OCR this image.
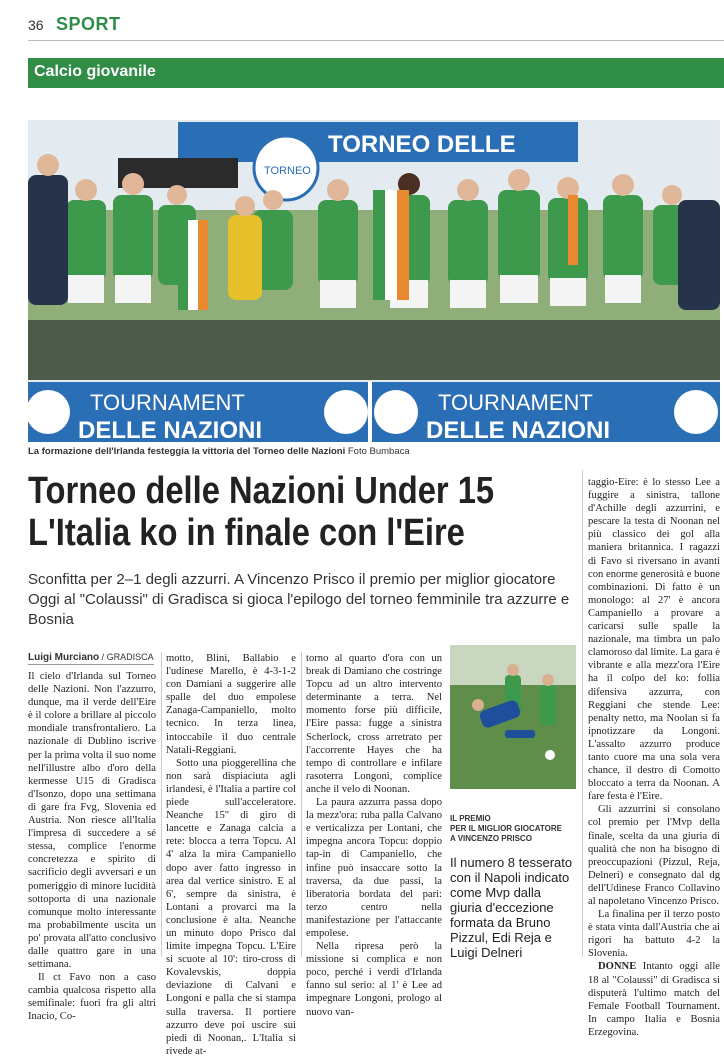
36 SPORT
Calcio giovanile
TORNEO DELLE
TORNEO
TOURNAMENT
DELLE NAZIONI
TOURNAMENT
DELLE NAZIONI
La formazione dell'Irlanda festeggia la vittoria del Torneo delle Nazioni Foto Bumbaca
Torneo delle Nazioni Under 15
L'Italia ko in finale con l'Eire
Sconfitta per 2–1 degli azzurri. A Vincenzo Prisco il premio per miglior giocatore
Oggi al "Colaussi" di Gradisca si gioca l'epilogo del torneo femminile tra azzurre e Bosnia
Luigi Murciano / GRADISCA

Il cielo d'Irlanda sul Torneo delle Nazioni. Non l'azzurro, dunque, ma il verde dell'Eire è il colore a brillare al piccolo mondiale transfrontaliero. La nazionale di Dublino iscrive per la prima volta il suo nome nell'illustre albo d'oro della kermesse U15 di Gradisca d'Isonzo, dopo una settimana di gare fra Fvg, Slovenia ed Austria. Non riesce all'Italia l'impresa di succedere a sé stessa, complice l'enorme concretezza e spirito di sacrificio degli avversari e un pomeriggio di minore lucidità sottoporta di una nazionale comunque molto interessante ma probabilmente uscita un po' provata all'atto conclusivo dalle quattro gare in una settimana.

Il ct Favo non a caso cambia qualcosa rispetto alla semifinale: fuori fra gli altri Inacio, Co-

motto, Blini, Ballabio e l'udinese Marello, è 4-3-1-2 con Damiani a suggerire alle spalle del duo empolese Zanaga-Campaniello, molto tecnico. In terza linea, intoccabile il duo centrale Natali-Reggiani.

Sotto una pioggerellina che non sarà dispiaciuta agli irlandesi, è l'Italia a partire col piede sull'acceleratore. Neanche 15" di giro di lancette e Zanaga calcia a rete: blocca a terra Topcu. Al 4' alza la mira Campaniello dopo aver fatto ingresso in area dal vertice sinistro. E al 6', sempre da sinistra, è Lontani a provarci ma la conclusione è alta. Neanche un minuto dopo Prisco dal limite impegna Topcu. L'Eire si scuote al 10': tiro-cross di Kovalevskis, doppia deviazione di Calvani e Longoni e palla che si stampa sulla traversa. Il portiere azzurro deve poi uscire sui piedi di Noonan,. L'Italia si rivede at-

torno al quarto d'ora con un break di Damiano che costringe Topcu ad un altro intervento determinante a terra. Nel momento forse più difficile, l'Eire passa: fugge a sinistra Scherlock, cross arretrato per l'accorrente Hayes che ha tempo di controllare e infilare rasoterra Longoni, complice anche il velo di Noonan.

La paura azzurra passa dopo la mezz'ora: ruba palla Calvano e verticalizza per Lontani, che impegna ancora Topcu: doppio tap-in di Campaniello, che infine può insaccare sotto la traversa, da due passi, la liberatoria bordata del pari: terzo centro nella manifestazione per l'attaccante empolese.

Nella ripresa però la missione si complica e non poco, perché i verdi d'Irlanda fanno sul serio: al 1' è Lee ad impegnare Longoni, prologo al nuovo van-

IL PREMIO
PER IL MIGLIOR GIOCATORE
A VINCENZO PRISCO
Il numero 8 tesserato con il Napoli indicato come Mvp dalla giuria d'eccezione formata da Bruno Pizzul, Edi Reja e Luigi Delneri

taggio-Eire: è lo stesso Lee a fuggire a sinistra, tallone d'Achille degli azzurrini, e pescare la testa di Noonan nel più classico dei gol alla maniera britannica. I ragazzi di Favo si riversano in avanti con enorme generosità e buone combinazioni. Di fatto è un monologo: al 27' è ancora Campaniello a provare a caricarsi sulle spalle la nazionale, ma timbra un palo clamoroso dal limite. La gara è vibrante e alla mezz'ora l'Eire ha il colpo del ko: follia difensiva azzurra, con Reggiani che stende Lee: penalty netto, ma Noolan si fa ipnotizzare da Longoni. L'assalto azzurro produce tanto cuore ma una sola vera chance, il destro di Comotto bloccato a terra da Noonan. A fare festa è l'Eire.

Gli azzurrini si consolano col premio per l'Mvp della finale, scelta da una giuria di qualità che non ha bisogno di preoccupazioni (Pizzul, Reja, Delneri) e consegnato dal dg dell'Udinese Franco Collavino al napoletano Vincenzo Prisco.

La finalina per il terzo posto è stata vinta dall'Austria che ai rigori ha battuto 4-2 la Slovenia.

DONNE Intanto oggi alle 18 al "Colaussi" di Gradisca si disputerà l'ultimo match del Female Football Tournament. In campo Italia e Bosnia Erzegovina.
